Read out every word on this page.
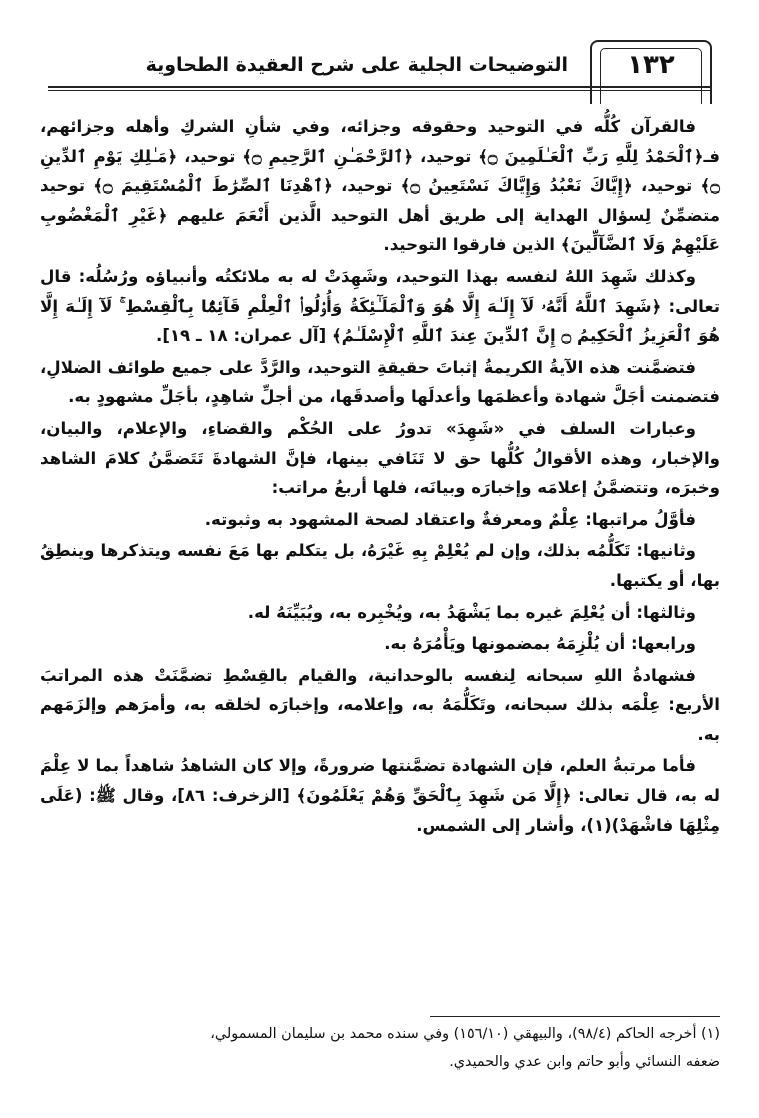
التوضيحات الجلية على شرح العقيدة الطحاوية	١٣٢

فالقرآن كُلُّه في التوحيد وحقوقه وجزائه، وفي شأنِ الشركِ وأهله وجزائهم، فـ﴿ٱلْحَمْدُ لِلَّهِ رَبِّ ٱلْعَـٰلَمِينَ ۝﴾ توحيد، ﴿ٱلرَّحْمَـٰنِ ٱلرَّحِيمِ ۝﴾ توحيد، ﴿مَـٰلِكِ يَوْمِ ٱلدِّينِ ۝﴾ توحيد، ﴿إِيَّاكَ نَعْبُدُ وَإِيَّاكَ نَسْتَعِينُ ۝﴾ توحيد، ﴿ٱهْدِنَا ٱلصِّرَٰطَ ٱلْمُسْتَقِيمَ ۝﴾ توحيد متضمِّنٌ لِسؤال الهداية إلى طريق أهل التوحيد الَّذين أَنْعَمَ عليهم ﴿غَيْرِ ٱلْمَغْضُوبِ عَلَيْهِمْ وَلَا ٱلضَّآلِّينَ﴾ الذين فارقوا التوحيد.

وكذلك شَهِدَ اللهُ لنفسه بهذا التوحيد، وشَهِدَتْ له به ملائكتُه وأنبياؤه ورُسُلُه: قال تعالى: ﴿شَهِدَ ٱللَّهُ أَنَّهُۥ لَآ إِلَـٰهَ إِلَّا هُوَ وَٱلْمَلَـٰٓئِكَةُ وَأُو۟لُوا۟ ٱلْعِلْمِ قَآئِمًۢا بِٱلْقِسْطِ ۚ لَآ إِلَـٰهَ إِلَّا هُوَ ٱلْعَزِيزُ ٱلْحَكِيمُ ۝ إِنَّ ٱلدِّينَ عِندَ ٱللَّهِ ٱلْإِسْلَـٰمُ﴾ [آل عمران: ١٨ ـ ١٩].

فتضمَّنت هذه الآيةُ الكريمةُ إثباتَ حقيقةِ التوحيد، والرَّدَّ على جميع طوائف الضلالِ، فتضمنت أجَلَّ شهادة وأعظمَها وأعدلَها وأصدقَها، من أجلِّ شاهِدٍ، بأجَلِّ مشهودٍ به.

وعبارات السلف في «شَهِدَ» تدورُ على الحُكْم والقضاءِ، والإعلام، والبيان، والإخبار، وهذه الأقوالُ كُلُّها حق لا تَنَافي بينها، فإنَّ الشهادةَ تَتَضمَّنُ كلامَ الشاهد وخبرَه، وتتضمَّنُ إعلامَه وإخبارَه وبيانَه، فلها أربعُ مراتب:

فأوَّلُ مراتبها: عِلْمٌ ومعرفةٌ واعتقاد لصحة المشهود به وثبوته.

وثانيها: تَكَلُّمُه بذلك، وإن لم يُعْلِمْ بِهِ غَيْرَهُ، بل يتكلم بها مَعَ نفسه ويتذكرها وينطِقُ بها، أو يكتبها.

وثالثها: أن يُعْلِمَ غيره بما يَشْهَدُ به، ويُخْبِره به، ويُبَيِّنَهُ له.

ورابعها: أن يُلْزِمَهُ بمضمونها ويَأْمُرَهُ به.

فشهادةُ اللهِ سبحانه لِنفسه بالوحدانية، والقيام بالقِسْطِ تضمَّنَتْ هذه المراتبَ الأربع: عِلْمَه بذلك سبحانه، وتَكَلُّمَهُ به، وإعلامه، وإخبارَه لخلقه به، وأمرَهم وإلزَمَهم به.

فأما مرتبةُ العلم، فإن الشهادة تضمَّنتها ضرورةً، وإلا كان الشاهدُ شاهداً بما لا عِلْمَ له به، قال تعالى: ﴿إِلَّا مَن شَهِدَ بِٱلْحَقِّ وَهُمْ يَعْلَمُونَ﴾ [الزخرف: ٨٦]، وقال ﷺ: (عَلَى مِثْلِهَا فاشْهَدْ)(١)، وأشار إلى الشمس.

(١) أخرجه الحاكم (٩٨/٤)، والبيهقي (١٥٦/١٠) وفي سنده محمد بن سليمان المسمولي،

ضعفه النسائي وأبو حاتم وابن عدي والحميدي.
